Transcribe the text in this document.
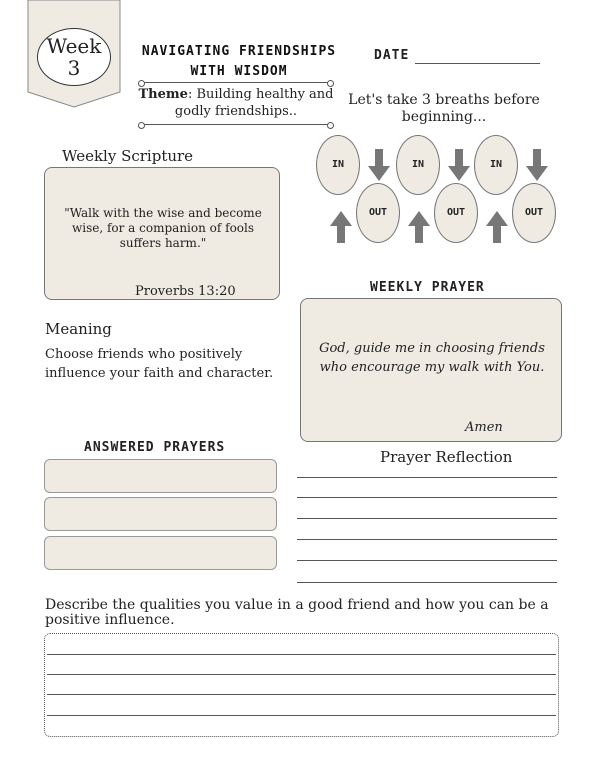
Week
3
NAVIGATING FRIENDSHIPS
WITH WISDOM
Theme: Building healthy and godly friendships..
DATE
Let's take 3 breaths before beginning...
IN	IN	IN
OUT	OUT	OUT
Weekly Scripture
"Walk with the wise and become wise, for a companion of fools suffers harm."
Proverbs 13:20
Meaning
Choose friends who positively influence your faith and character.
WEEKLY PRAYER
God, guide me in choosing friends who encourage my walk with You.
Amen
ANSWERED PRAYERS
Prayer Reflection
Describe the qualities you value in a good friend and how you can be a positive influence.
